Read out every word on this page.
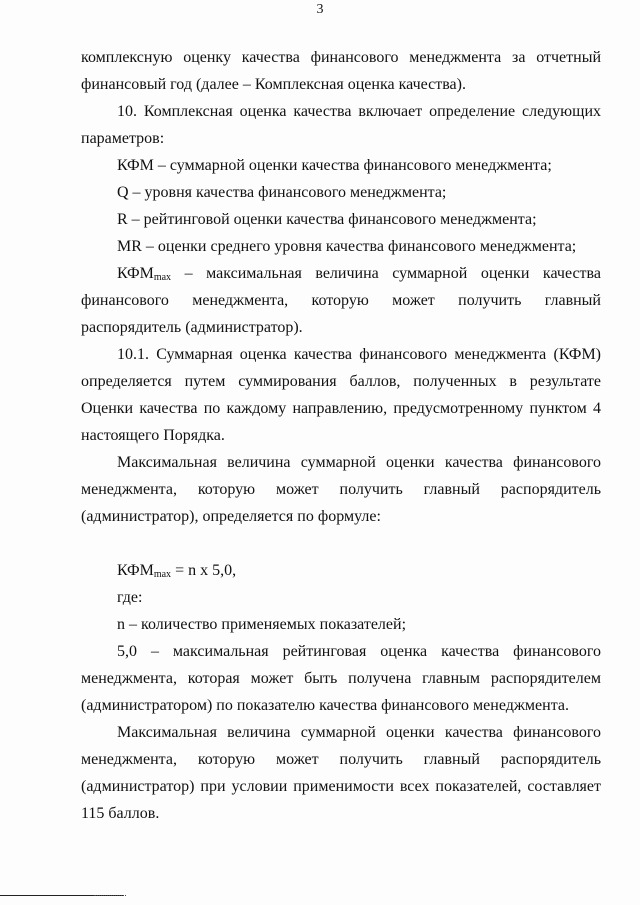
3

комплексную оценку качества финансового менеджмента за отчетный финансовый год (далее – Комплексная оценка качества).

10. Комплексная оценка качества включает определение следующих параметров:

КФМ – суммарной оценки качества финансового менеджмента;

Q – уровня качества финансового менеджмента;

R – рейтинговой оценки качества финансового менеджмента;

MR – оценки среднего уровня качества финансового менеджмента;

$КФМ_{max}$ – максимальная величина суммарной оценки качества финансового менеджмента, которую может получить главный распорядитель (администратор).

10.1. Суммарная оценка качества финансового менеджмента (КФМ) определяется путем суммирования баллов, полученных в результате Оценки качества по каждому направлению, предусмотренному пунктом 4 настоящего Порядка.

Максимальная величина суммарной оценки качества финансового менеджмента, которую может получить главный распорядитель (администратор), определяется по формуле:

$КФМ_{max} = n$ x 5,0,

где:

n – количество применяемых показателей;

5,0 – максимальная рейтинговая оценка качества финансового менеджмента, которая может быть получена главным распорядителем (администратором) по показателю качества финансового менеджмента.

Максимальная величина суммарной оценки качества финансового менеджмента, которую может получить главный распорядитель (администратор) при условии применимости всех показателей, составляет 115 баллов.
